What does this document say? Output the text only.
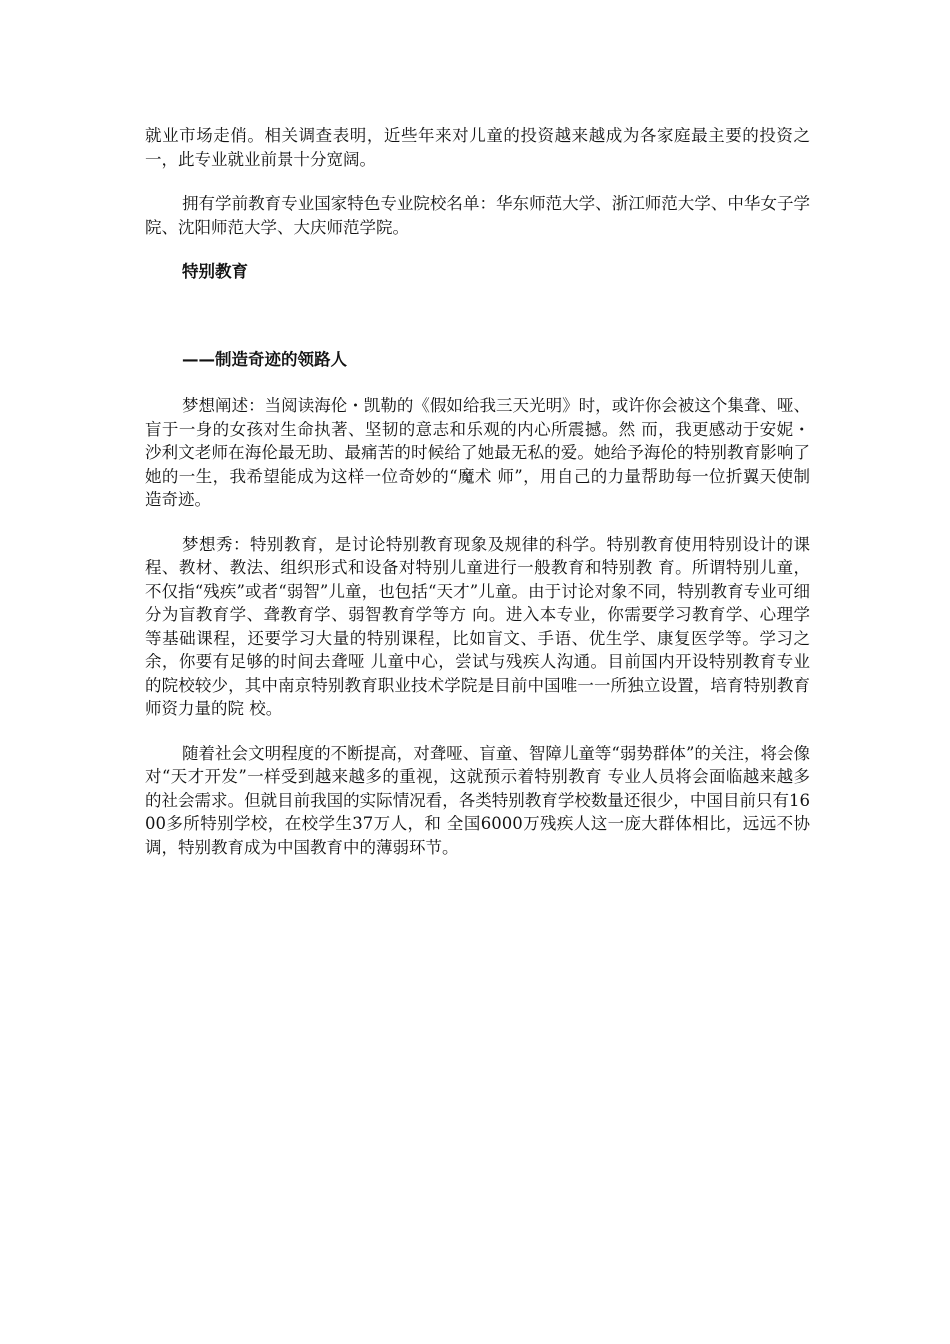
就业市场走俏。相关调查表明，近些年来对儿童的投资越来越成为各家庭最主要的投资之 一，此专业就业前景十分宽阔。

拥有学前教育专业国家特色专业院校名单：华东师范大学、浙江师范大学、中华女子学院、沈阳师范大学、大庆师范学院。

特别教育
——制造奇迹的领路人

梦想阐述：当阅读海伦・凯勒的《假如给我三天光明》时，或许你会被这个集聋、哑、盲于一身的女孩对生命执著、坚韧的意志和乐观的内心所震撼。然 而，我更感动于安妮・沙利文老师在海伦最无助、最痛苦的时候给了她最无私的爱。她给予海伦的特别教育影响了她的一生，我希望能成为这样一位奇妙的“魔术 师”，用自己的力量帮助每一位折翼天使制造奇迹。

梦想秀：特别教育，是讨论特别教育现象及规律的科学。特别教育使用特别设计的课程、教材、教法、组织形式和设备对特别儿童进行一般教育和特别教 育。所谓特别儿童，不仅指“残疾”或者“弱智”儿童，也包括“天才”儿童。由于讨论对象不同，特别教育专业可细分为盲教育学、聋教育学、弱智教育学等方 向。进入本专业，你需要学习教育学、心理学等基础课程，还要学习大量的特别课程，比如盲文、手语、优生学、康复医学等。学习之余，你要有足够的时间去聋哑 儿童中心，尝试与残疾人沟通。目前国内开设特别教育专业的院校较少，其中南京特别教育职业技术学院是目前中国唯一一所独立设置，培育特别教育师资力量的院 校。

随着社会文明程度的不断提高，对聋哑、盲童、智障儿童等“弱势群体”的关注，将会像对“天才开发”一样受到越来越多的重视，这就预示着特别教育 专业人员将会面临越来越多的社会需求。但就目前我国的实际情况看，各类特别教育学校数量还很少，中国目前只有1600多所特别学校，在校学生37万人，和 全国6000万残疾人这一庞大群体相比，远远不协调，特别教育成为中国教育中的薄弱环节。
